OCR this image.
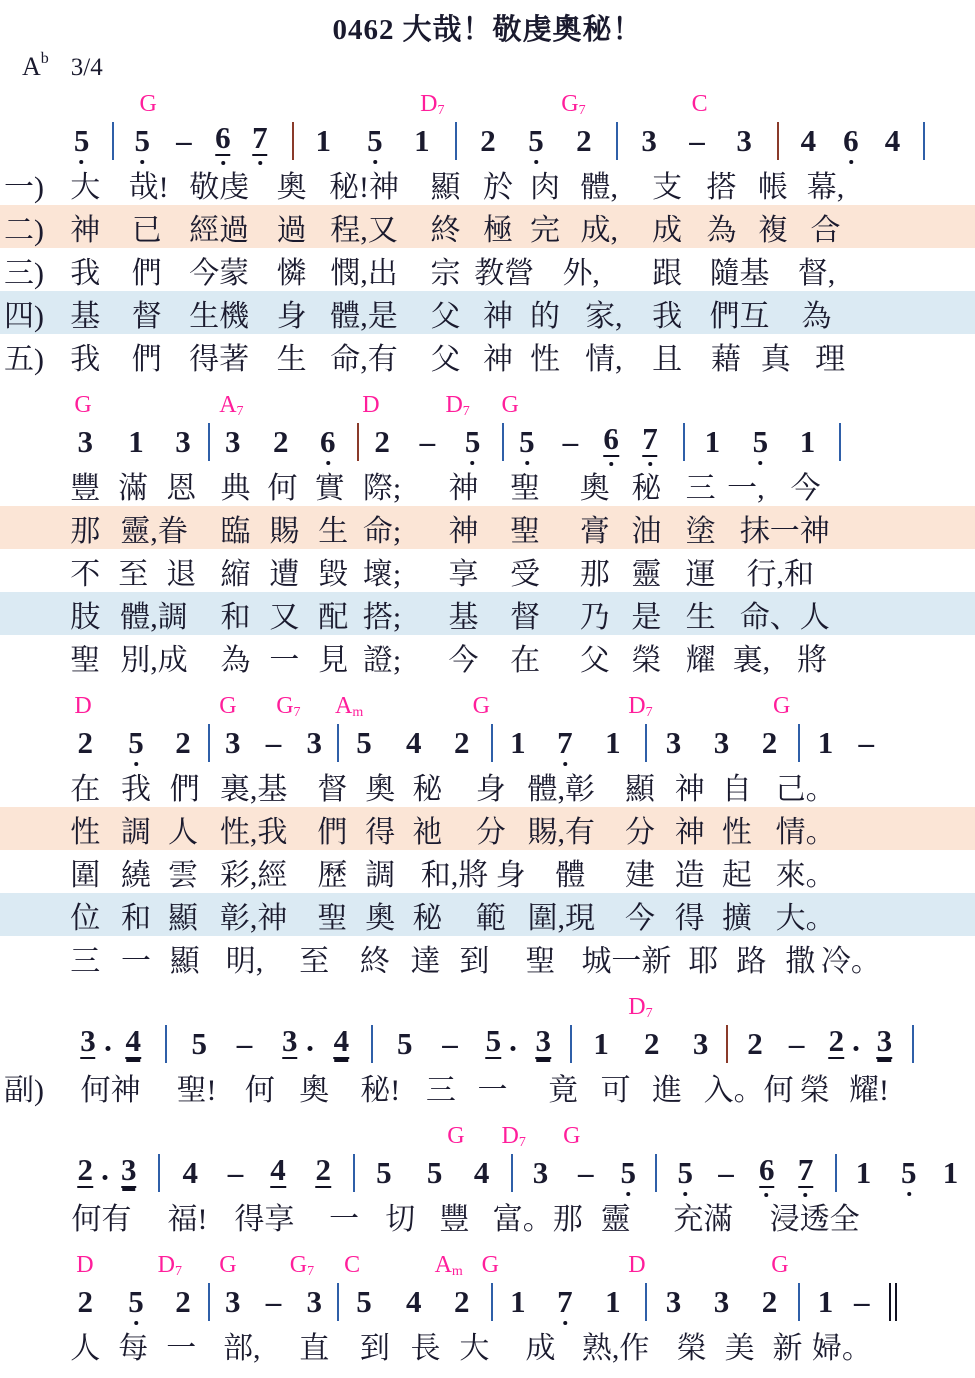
0462 大哉！敬虔奧秘！
$A^b$ 3/4
G	$D_7$	$G_7$	C
5 5 – 6 7 1 5 1 2 5 2 3 – 3 4 6 4
一) 大 哉! 敬虔 奧 秘!神 顯 於 肉 體, 支 搭 帳 幕,
二) 神 已 經過 過 程,又 終 極 完 成, 成 為 複 合
三) 我 們 今蒙 憐 憫,出 宗 教營 外, 跟 隨基 督,
四) 基 督 生機 身 體,是 父 神 的 家, 我 們互 為
五) 我 們 得著 生 命,有 父 神 性 情, 且 藉 真 理
G	$A_7$	D	$D_7$ G
3 1 3 3 2 6 2 – 5 5 – 6 7 1 5 1
豐 滿 恩 典 何 實 際; 神 聖 奧 秘 三 一, 今
那 靈,眷 臨 賜 生 命; 神 聖 膏 油 塗 抹一神
不 至 退 縮 遭 毀 壞; 享 受 那 靈 運 行,和
肢 體,調 和 又 配 搭; 基 督 乃 是 生 命、人
聖 別,成 為 一 見 證; 今 在 父 榮 耀 裏, 將
D	G $G_7$ $A_m$	G	$D_7$	G
2 5 2 3 – 3 5 4 2 1 7 1 3 3 2 1 –
在 我 們 裏,基 督 奧 秘 身 體,彰 顯 神 自 己。
性 調 人 性,我 們 得 祂 分 賜,有 分 神 性 情。
圍 繞 雲 彩,經 歷 調 和,將 身 體 建 造 起 來。
位 和 顯 彰,神 聖 奧 秘 範 圍,現 今 得 擴 大。
三 一 顯 明, 至 終 達 到 聖 城一新 耶 路 撒 冷。
$D_7$
3 4 5 – 3 4 5 – 5 3 1 2 3 2 – 2 3
副) 何神 聖! 何 奧 秘! 三 一 竟 可 進 入。何 榮 耀!
G $D_7$ G
2 3 4 – 4 2 5 5 4 3 – 5 5 – 6 7 1 5 1
何有 福! 得享 一 切 豐 富。那 靈 充滿 浸透全
D	$D_7$ G $G_7$ C	$A_m$ G	D	G
2 5 2 3 – 3 5 4 2 1 7 1 3 3 2 1 –
人 每 一 部, 直 到 長 大 成 熟,作 榮 美 新 婦。
